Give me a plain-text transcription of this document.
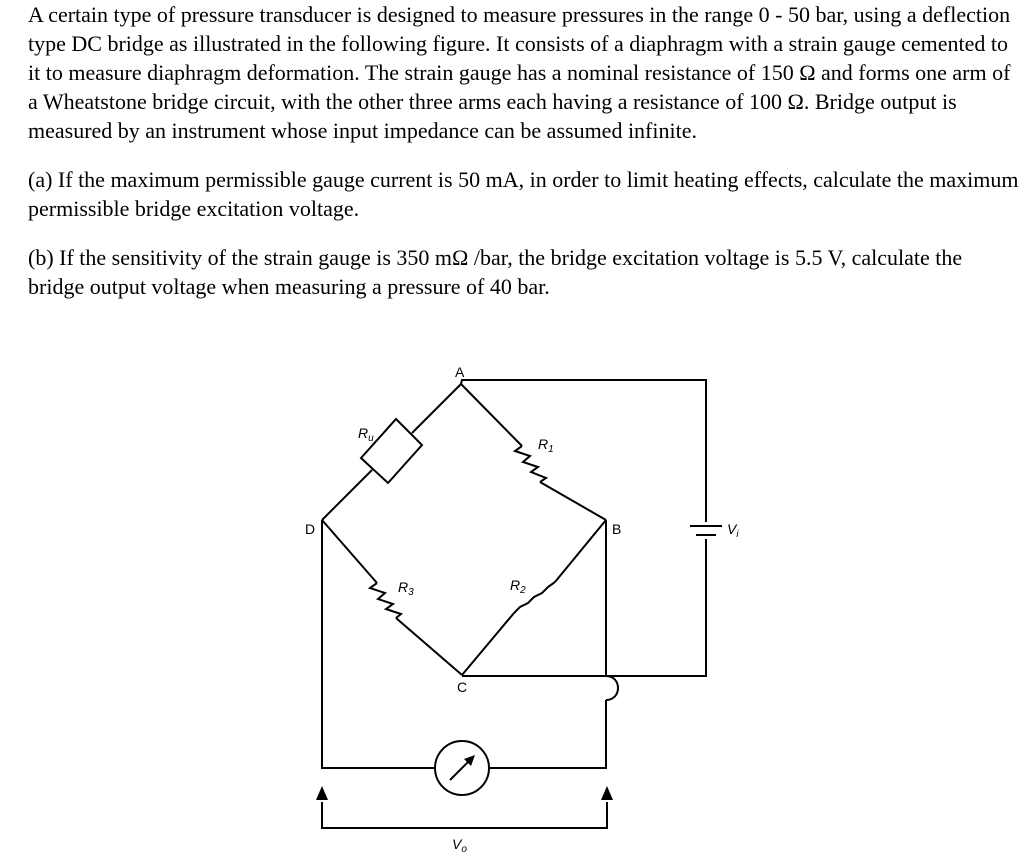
A certain type of pressure transducer is designed to measure pressures in the range 0 - 50 bar, using a deflection type DC bridge as illustrated in the following figure. It consists of a diaphragm with a strain gauge cemented to it to measure diaphragm deformation. The strain gauge has a nominal resistance of 150 Ω and forms one arm of a Wheatstone bridge circuit, with the other three arms each having a resistance of 100 Ω. Bridge output is measured by an instrument whose input impedance can be assumed infinite.

(a) If the maximum permissible gauge current is 50 mA, in order to limit heating effects, calculate the maximum permissible bridge excitation voltage.

(b) If the sensitivity of the strain gauge is 350 mΩ /bar, the bridge excitation voltage is 5.5 V, calculate the bridge output voltage when measuring a pressure of 40 bar.

A
B
C
D
$R_u$	$R_1$
$R_2$
$R_3$
$V_i$
$V_o$
